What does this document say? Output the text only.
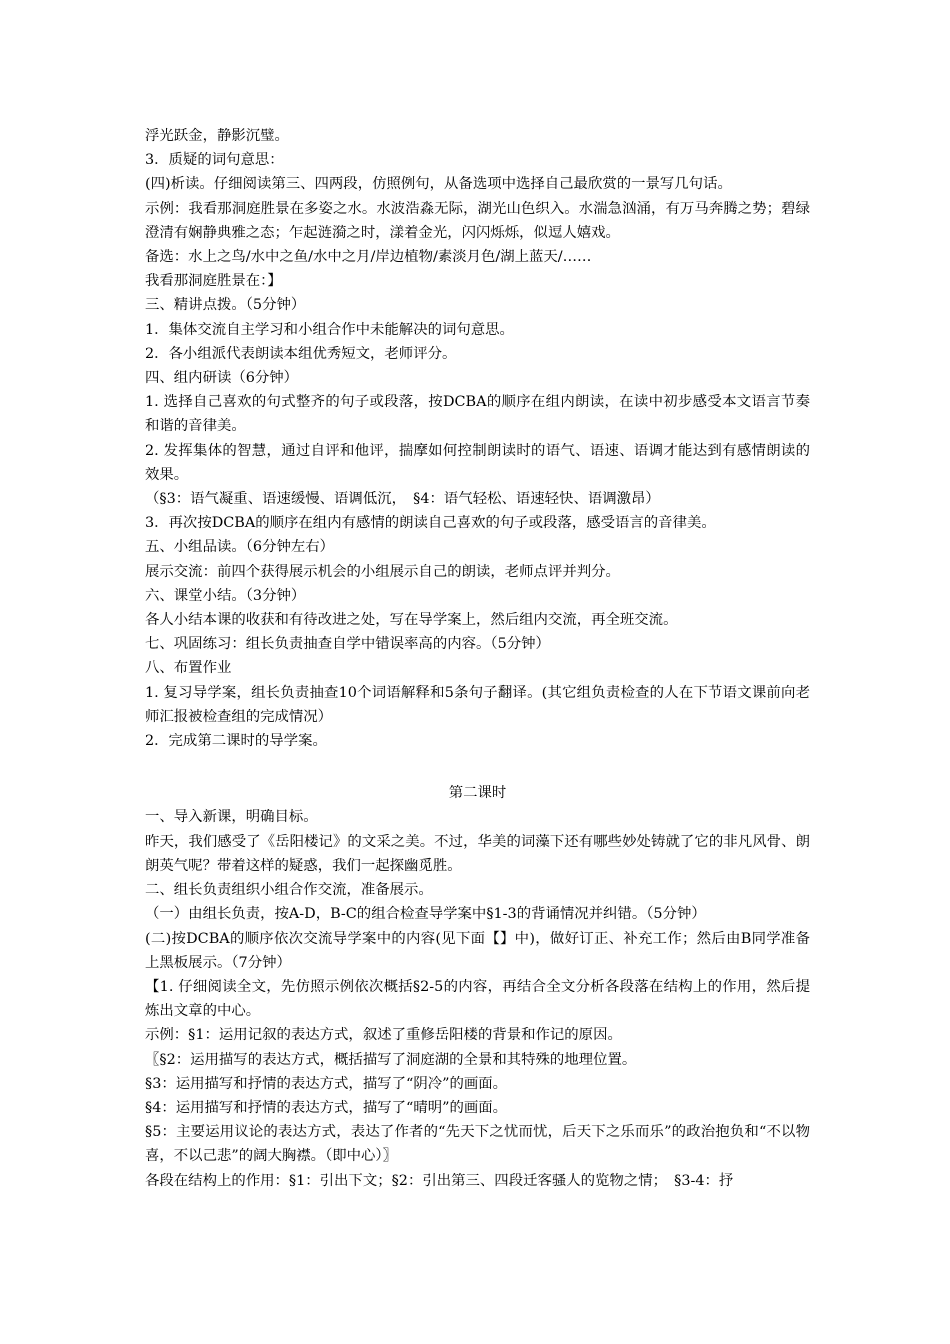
浮光跃金，静影沉璧。

3．质疑的词句意思：

(四)析读。仔细阅读第三、四两段，仿照例句，从备选项中选择自己最欣赏的一景写几句话。

示例：我看那洞庭胜景在多姿之水。水波浩淼无际，湖光山色织入。水湍急汹涌，有万马奔腾之势；碧绿澄清有娴静典雅之态；乍起涟漪之时，漾着金光，闪闪烁烁，似逗人嬉戏。

备选：水上之鸟/水中之鱼/水中之月/岸边植物/素淡月色/湖上蓝天/……

我看那洞庭胜景在：】

三、精讲点拨。（5分钟）

1．集体交流自主学习和小组合作中未能解决的词句意思。

2．各小组派代表朗读本组优秀短文，老师评分。

四、组内研读（6分钟）

1. 选择自己喜欢的句式整齐的句子或段落，按DCBA的顺序在组内朗读，在读中初步感受本文语言节奏和谐的音律美。

2. 发挥集体的智慧，通过自评和他评，揣摩如何控制朗读时的语气、语速、语调才能达到有感情朗读的效果。

（§3：语气凝重、语速缓慢、语调低沉，　§4：语气轻松、语速轻快、语调激昂）

3．再次按DCBA的顺序在组内有感情的朗读自己喜欢的句子或段落，感受语言的音律美。

五、小组品读。（6分钟左右）

展示交流：前四个获得展示机会的小组展示自己的朗读，老师点评并判分。

六、课堂小结。（3分钟）

各人小结本课的收获和有待改进之处，写在导学案上，然后组内交流，再全班交流。

七、巩固练习：组长负责抽查自学中错误率高的内容。（5分钟）

八、布置作业

1. 复习导学案，组长负责抽查10个词语解释和5条句子翻译。(其它组负责检查的人在下节语文课前向老师汇报被检查组的完成情况）

2．完成第二课时的导学案。

第二课时

一、导入新课，明确目标。

昨天，我们感受了《岳阳楼记》的文采之美。不过，华美的词藻下还有哪些妙处铸就了它的非凡风骨、朗朗英气呢？带着这样的疑惑，我们一起探幽觅胜。

二、组长负责组织小组合作交流，准备展示。

（一）由组长负责，按A-D，B-C的组合检查导学案中§1-3的背诵情况并纠错。（5分钟）

(二)按DCBA的顺序依次交流导学案中的内容(见下面【】中)，做好订正、补充工作；然后由B同学准备上黑板展示。（7分钟）

【1. 仔细阅读全文，先仿照示例依次概括§2-5的内容，再结合全文分析各段落在结构上的作用，然后提炼出文章的中心。

示例：§1：运用记叙的表达方式，叙述了重修岳阳楼的背景和作记的原因。

〖§2：运用描写的表达方式，概括描写了洞庭湖的全景和其特殊的地理位置。

§3：运用描写和抒情的表达方式，描写了“阴冷”的画面。

§4：运用描写和抒情的表达方式，描写了“晴明”的画面。

§5：主要运用议论的表达方式，表达了作者的“先天下之忧而忧，后天下之乐而乐”的政治抱负和“不以物喜，不以己悲”的阔大胸襟。（即中心）〗

各段在结构上的作用：§1：引出下文；§2：引出第三、四段迁客骚人的览物之情；　§3-4：抒
